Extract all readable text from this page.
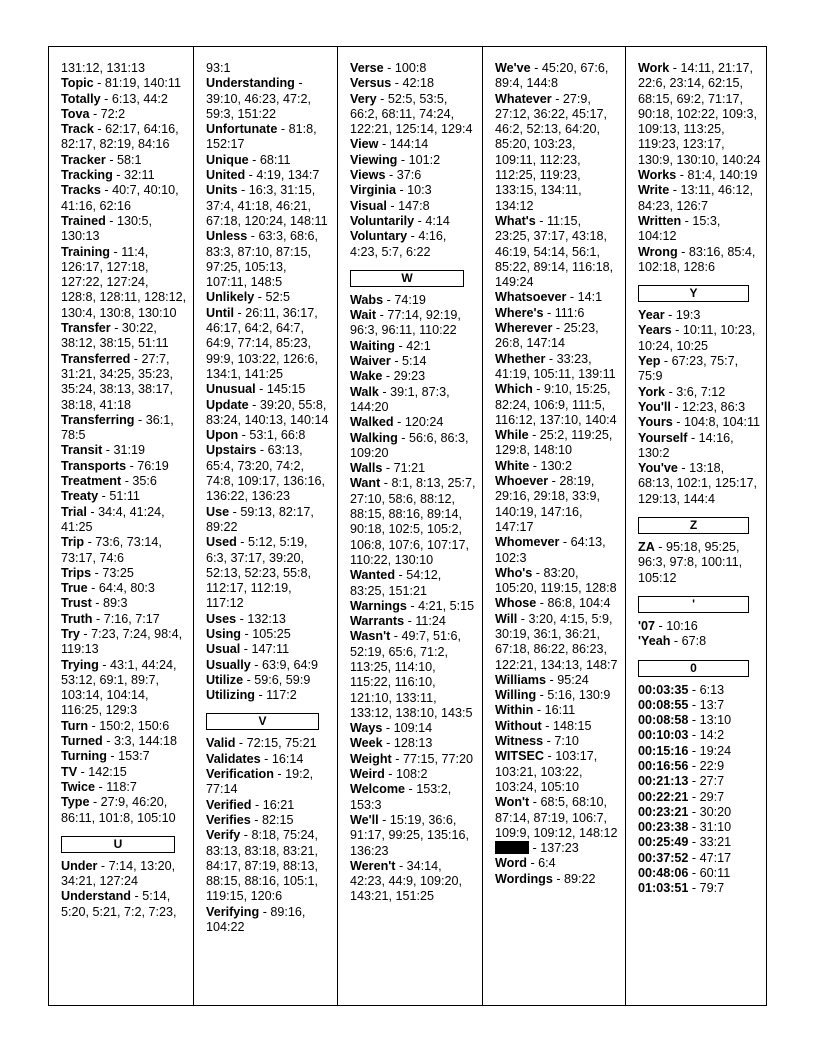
131:12, 131:13
Topic - 81:19, 140:11
Totally - 6:13, 44:2
Tova - 72:2
Track - 62:17, 64:16, 82:17, 82:19, 84:16
Tracker - 58:1
Tracking - 32:11
Tracks - 40:7, 40:10, 41:16, 62:16
Trained - 130:5, 130:13
Training - 11:4, 126:17, 127:18, 127:22, 127:24, 128:8, 128:11, 128:12, 130:4, 130:8, 130:10
Transfer - 30:22, 38:12, 38:15, 51:11
Transferred - 27:7, 31:21, 34:25, 35:23, 35:24, 38:13, 38:17, 38:18, 41:18
Transferring - 36:1, 78:5
Transit - 31:19
Transports - 76:19
Treatment - 35:6
Treaty - 51:11
Trial - 34:4, 41:24, 41:25
Trip - 73:6, 73:14, 73:17, 74:6
Trips - 73:25
True - 64:4, 80:3
Trust - 89:3
Truth - 7:16, 7:17
Try - 7:23, 7:24, 98:4, 119:13
Trying - 43:1, 44:24, 53:12, 69:1, 89:7, 103:14, 104:14, 116:25, 129:3
Turn - 150:2, 150:6
Turned - 3:3, 144:18
Turning - 153:7
TV - 142:15
Twice - 118:7
Type - 27:9, 46:20, 86:11, 101:8, 105:10
U
Under - 7:14, 13:20, 34:21, 127:24
Understand - 5:14, 5:20, 5:21, 7:2, 7:23,
93:1
Understanding - 39:10, 46:23, 47:2, 59:3, 151:22
Unfortunate - 81:8, 152:17
Unique - 68:11
United - 4:19, 134:7
Units - 16:3, 31:15, 37:4, 41:18, 46:21, 67:18, 120:24, 148:11
Unless - 63:3, 68:6, 83:3, 87:10, 87:15, 97:25, 105:13, 107:11, 148:5
Unlikely - 52:5
Until - 26:11, 36:17, 46:17, 64:2, 64:7, 64:9, 77:14, 85:23, 99:9, 103:22, 126:6, 134:1, 141:25
Unusual - 145:15
Update - 39:20, 55:8, 83:24, 140:13, 140:14
Upon - 53:1, 66:8
Upstairs - 63:13, 65:4, 73:20, 74:2, 74:8, 109:17, 136:16, 136:22, 136:23
Use - 59:13, 82:17, 89:22
Used - 5:12, 5:19, 6:3, 37:17, 39:20, 52:13, 52:23, 55:8, 112:17, 112:19, 117:12
Uses - 132:13
Using - 105:25
Usual - 147:11
Usually - 63:9, 64:9
Utilize - 59:6, 59:9
Utilizing - 117:2
V
Valid - 72:15, 75:21
Validates - 16:14
Verification - 19:2, 77:14
Verified - 16:21
Verifies - 82:15
Verify - 8:18, 75:24, 83:13, 83:18, 83:21, 84:17, 87:19, 88:13, 88:15, 88:16, 105:1, 119:15, 120:6
Verifying - 89:16, 104:22
Verse - 100:8
Versus - 42:18
Very - 52:5, 53:5, 66:2, 68:11, 74:24, 122:21, 125:14, 129:4
View - 144:14
Viewing - 101:2
Views - 37:6
Virginia - 10:3
Visual - 147:8
Voluntarily - 4:14
Voluntary - 4:16, 4:23, 5:7, 6:22
W
Wabs - 74:19
Wait - 77:14, 92:19, 96:3, 96:11, 110:22
Waiting - 42:1
Waiver - 5:14
Wake - 29:23
Walk - 39:1, 87:3, 144:20
Walked - 120:24
Walking - 56:6, 86:3, 109:20
Walls - 71:21
Want - 8:1, 8:13, 25:7, 27:10, 58:6, 88:12, 88:15, 88:16, 89:14, 90:18, 102:5, 105:2, 106:8, 107:6, 107:17, 110:22, 130:10
Wanted - 54:12, 83:25, 151:21
Warnings - 4:21, 5:15
Warrants - 11:24
Wasn't - 49:7, 51:6, 52:19, 65:6, 71:2, 113:25, 114:10, 115:22, 116:10, 121:10, 133:11, 133:12, 138:10, 143:5
Ways - 109:14
Week - 128:13
Weight - 77:15, 77:20
Weird - 108:2
Welcome - 153:2, 153:3
We'll - 15:19, 36:6, 91:17, 99:25, 135:16, 136:23
Weren't - 34:14, 42:23, 44:9, 109:20, 143:21, 151:25
We've - 45:20, 67:6, 89:4, 144:8
Whatever - 27:9, 27:12, 36:22, 45:17, 46:2, 52:13, 64:20, 85:20, 103:23, 109:11, 112:23, 112:25, 119:23, 133:15, 134:11, 134:12
What's - 11:15, 23:25, 37:17, 43:18, 46:19, 54:14, 56:1, 85:22, 89:14, 116:18, 149:24
Whatsoever - 14:1
Where's - 111:6
Wherever - 25:23, 26:8, 147:14
Whether - 33:23, 41:19, 105:11, 139:11
Which - 9:10, 15:25, 82:24, 106:9, 111:5, 116:12, 137:10, 140:4
While - 25:2, 119:25, 129:8, 148:10
White - 130:2
Whoever - 28:19, 29:16, 29:18, 33:9, 140:19, 147:16, 147:17
Whomever - 64:13, 102:3
Who's - 83:20, 105:20, 119:15, 128:8
Whose - 86:8, 104:4
Will - 3:20, 4:15, 5:9, 30:19, 36:1, 36:21, 67:18, 86:22, 86:23, 122:21, 134:13, 148:7
Williams - 95:24
Willing - 5:16, 130:9
Within - 16:11
Without - 148:15
Witness - 7:10
WITSEC - 103:17, 103:21, 103:22, 103:24, 105:10
Won't - 68:5, 68:10, 87:14, 87:19, 106:7, 109:9, 109:12, 148:12
- 137:23
Word - 6:4
Wordings - 89:22
Work - 14:11, 21:17, 22:6, 23:14, 62:15, 68:15, 69:2, 71:17, 90:18, 102:22, 109:3, 109:13, 113:25, 119:23, 123:17, 130:9, 130:10, 140:24
Works - 81:4, 140:19
Write - 13:11, 46:12, 84:23, 126:7
Written - 15:3, 104:12
Wrong - 83:16, 85:4, 102:18, 128:6
Y
Year - 19:3
Years - 10:11, 10:23, 10:24, 10:25
Yep - 67:23, 75:7, 75:9
York - 3:6, 7:12
You'll - 12:23, 86:3
Yours - 104:8, 104:11
Yourself - 14:16, 130:2
You've - 13:18, 68:13, 102:1, 125:17, 129:13, 144:4
Z
ZA - 95:18, 95:25, 96:3, 97:8, 100:11, 105:12
'
'07 - 10:16
'Yeah - 67:8
0
00:03:35 - 6:13
00:08:55 - 13:7
00:08:58 - 13:10
00:10:03 - 14:2
00:15:16 - 19:24
00:16:56 - 22:9
00:21:13 - 27:7
00:22:21 - 29:7
00:23:21 - 30:20
00:23:38 - 31:10
00:25:49 - 33:21
00:37:52 - 47:17
00:48:06 - 60:11
01:03:51 - 79:7
